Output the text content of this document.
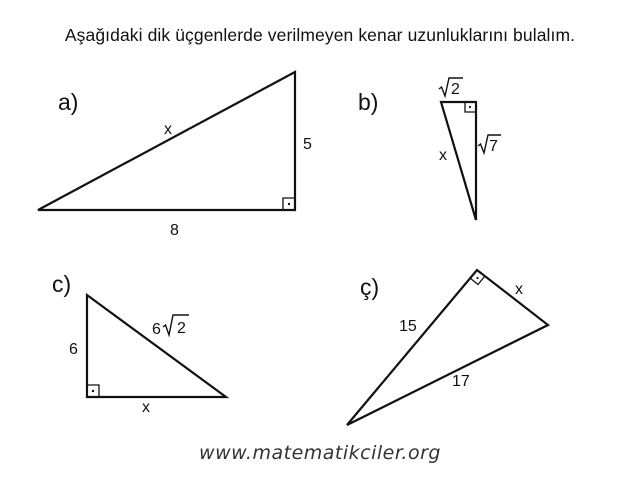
Aşağıdaki dik üçgenlerde verilmeyen kenar uzunluklarını bulalım.
a)
x
5
8
b)	2
7
x
c)
6
6 2
x
ç)
15
x
17
www.matematikciler.org
